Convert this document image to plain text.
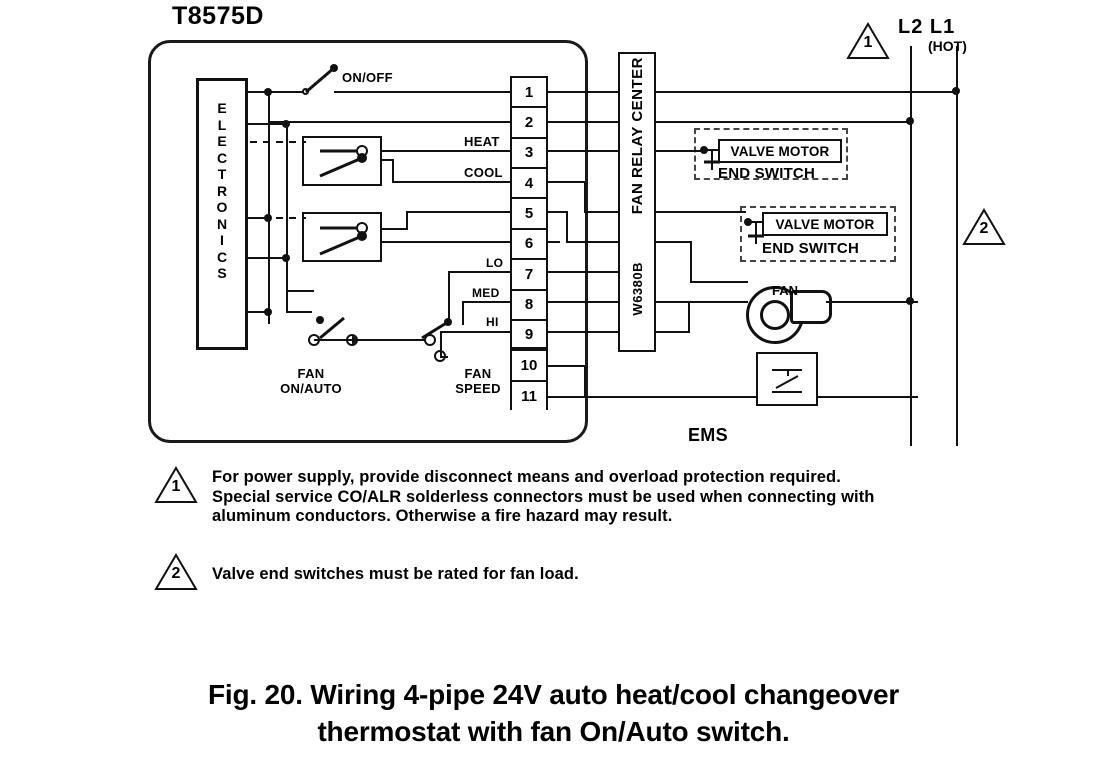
T8575D
E
L
E
C
T
R
O
N
I
C
S
1
2
3
4
5
6
7
8
9
10
11
FAN RELAY CENTER
W6380B
ON/OFF
HEAT
COOL
FAN
ON/AUTO
FAN
SPEED
LO
MED
HI
VALVE MOTOR
END SWITCH
VALVE MOTOR
END SWITCH
FAN
EMS
L2 L1
(HOT)
1
2
1
For power supply, provide disconnect means and overload protection required. Special service CO/ALR solderless connectors must be used when connecting with aluminum conductors. Otherwise a fire hazard may result.
2	Valve end switches must be rated for fan load.
Fig. 20. Wiring 4-pipe 24V auto heat/cool changeover
thermostat with fan On/Auto switch.
